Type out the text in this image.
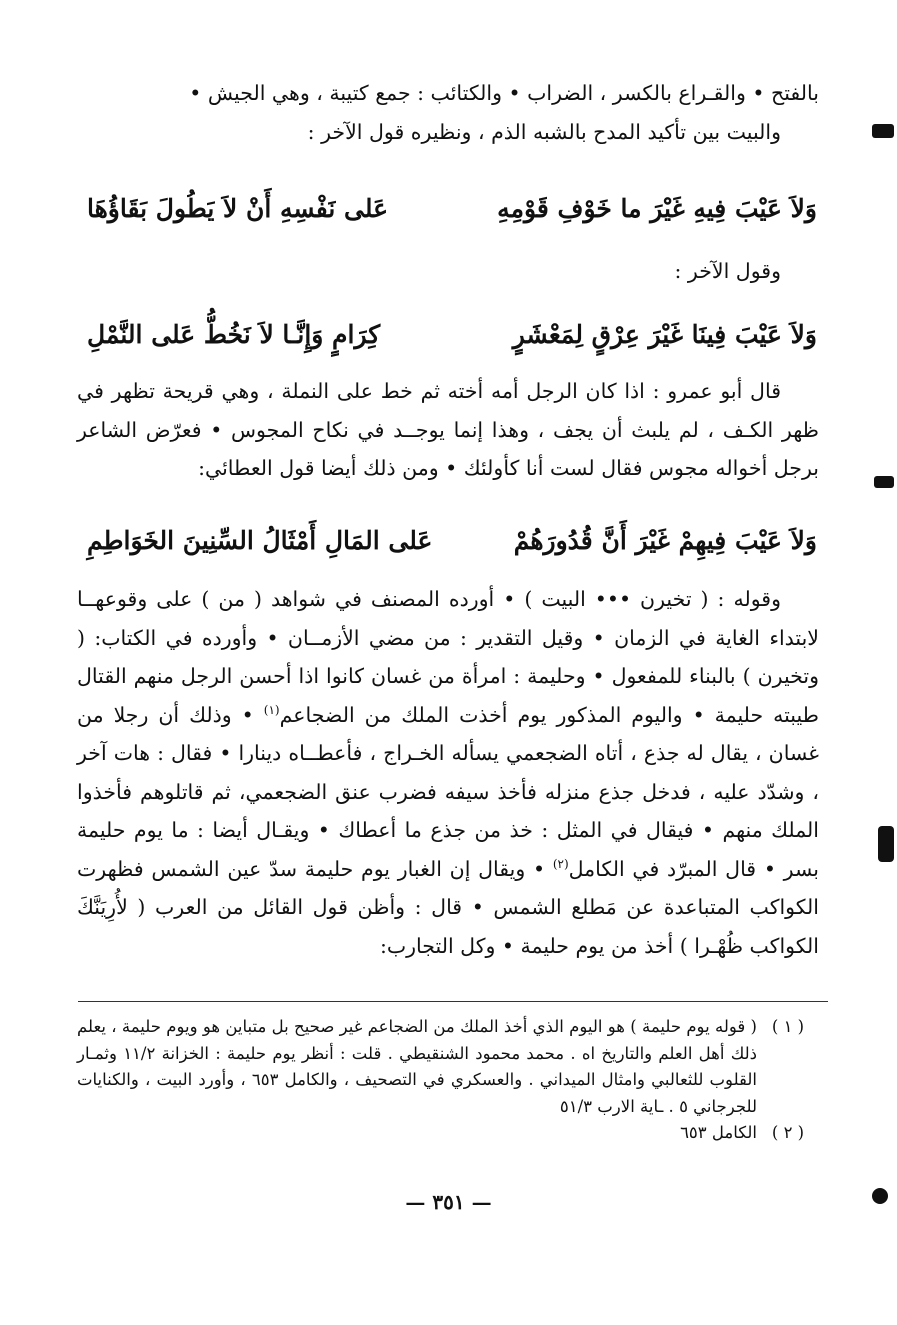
بالفتح • والقـراع بالكسر ، الضراب • والكتائب : جمع كتيبة ، وهي الجيش •

والبيت بين تأكيد المدح بالشبه الذم ، ونظيره قول الآخر :

وَلاَ عَيْبَ فِيهِ غَيْرَ ما خَوْفِ قَوْمِهِ
عَلى نَفْسِهِ أَنْ لاَ يَطُولَ بَقَاؤُهَا

وقول الآخر :

وَلاَ عَيْبَ فِينَا غَيْرَ عِرْقٍ لِمَعْشَرٍ
كِرَامٍ وَإِنَّـا لاَ نَخُطُّ عَلى النَّمْلِ

قال أبو عمرو : اذا كان الرجل أمه أخته ثم خط على النملة ، وهي قريحة تظهر في ظهر الكـف ، لم يلبث أن يجف ، وهذا إنما يوجــد في نكاح المجوس • فعرّض الشاعر برجل أخواله مجوس فقال لست أنا كأولئك • ومن ذلك أيضا قول العطائي:

وَلاَ عَيْبَ فِيهِمْ غَيْرَ أَنَّ قُدُورَهُمْ
عَلى المَالِ أَمْثَالُ السِّنِينَ الخَوَاطِمِ

وقوله : ( تخيرن ••• البيت ) • أورده المصنف في شواهد ( من ) على وقوعهــا لابتداء الغاية في الزمان • وقيل التقدير : من مضي الأزمــان • وأورده في الكتاب: ( وتخيرن ) بالبناء للمفعول • وحليمة : امرأة من غسان كانوا اذا أحسن الرجل منهم القتال طيبته حليمة • واليوم المذكور يوم أخذت الملك من الضجاعم$^{(١)}$ • وذلك أن رجلا من غسان ، يقال له جذع ، أتاه الضجعمي يسأله الخـراج ، فأعطــاه دينارا • فقال : هات آخر ، وشدّد عليه ، فدخل جذع منزله فأخذ سيفه فضرب عنق الضجعمي، ثم قاتلوهم فأخذوا الملك منهم • فيقال في المثل : خذ من جذع ما أعطاك • ويقـال أيضا : ما يوم حليمة بسر • قال المبرّد في الكامل$^{(٢)}$ • ويقال إن الغبار يوم حليمة سدّ عين الشمس فظهرت الكواكب المتباعدة عن مَطلع الشمس • قال : وأظن قول القائل من العرب ( لأُرِيَنَّكَ الكواكب ظُهْـرا ) أخذ من يوم حليمة • وكل التجارب:

( ١ )
( قوله يوم حليمة ) هو اليوم الذي أخذ الملك من الضجاعم غير صحيح بل متباين هو ويوم حليمة ، يعلم ذلك أهل العلم والتاريخ اه . محمد محمود الشنقيطي . قلت : أنظر يوم حليمة : الخزانة ١١/٢ وثمـار القلوب للثعالبي وامثال الميداني . والعسكري في التصحيف ، والكامل ٦٥٣ ، وأورد البيت ، والكنايات للجرجاني ٥ . ـاية الارب ٥١/٣
( ٢ )
الكامل ٦٥٣
— ٣٥١ —
